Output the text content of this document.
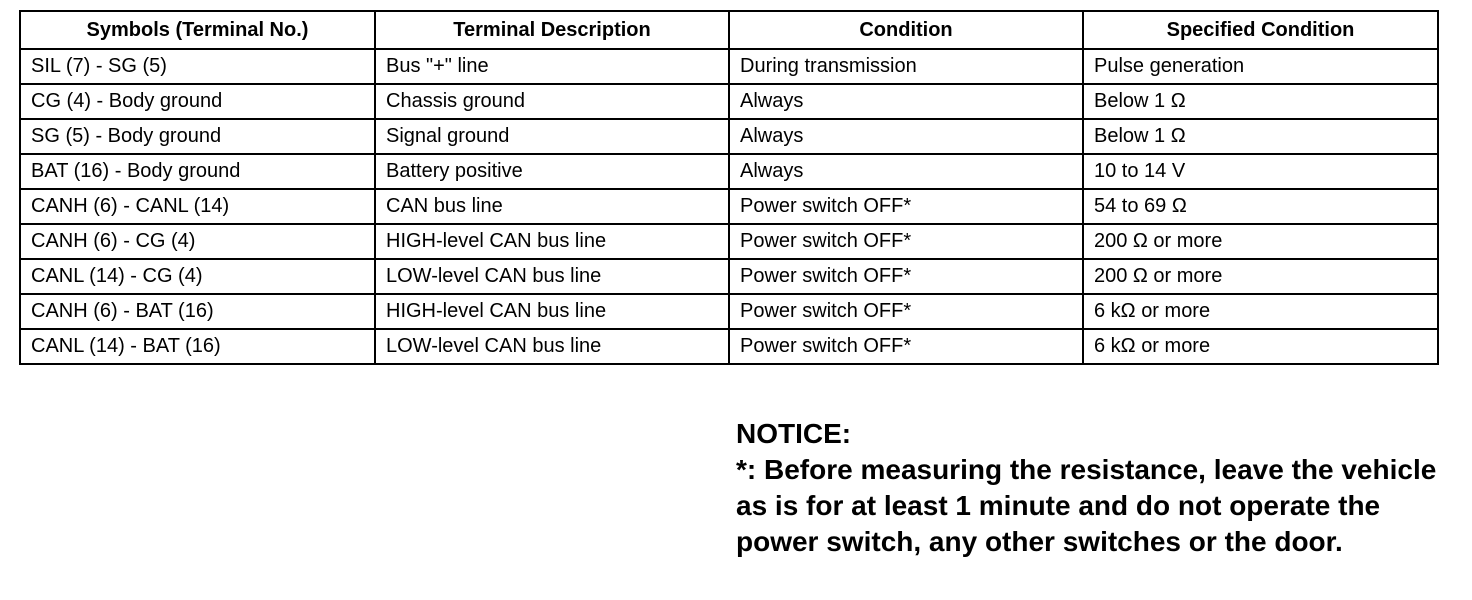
Symbols (Terminal No.)	Terminal Description	Condition	Specified Condition
SIL (7) - SG (5)	Bus "+" line	During transmission	Pulse generation
CG (4) - Body ground	Chassis ground	Always	Below 1 Ω
SG (5) - Body ground	Signal ground	Always	Below 1 Ω
BAT (16) - Body ground	Battery positive	Always	10 to 14 V
CANH (6) - CANL (14)	CAN bus line	Power switch OFF*	54 to 69 Ω
CANH (6) - CG (4)	HIGH-level CAN bus line	Power switch OFF*	200 Ω or more
CANL (14) - CG (4)	LOW-level CAN bus line	Power switch OFF*	200 Ω or more
CANH (6) - BAT (16)	HIGH-level CAN bus line	Power switch OFF*	6 kΩ or more
CANL (14) - BAT (16)	LOW-level CAN bus line	Power switch OFF*	6 kΩ or more

NOTICE:

*: Before measuring the resistance, leave the vehicle as is for at least 1 minute and do not operate the power switch, any other switches or the door.
